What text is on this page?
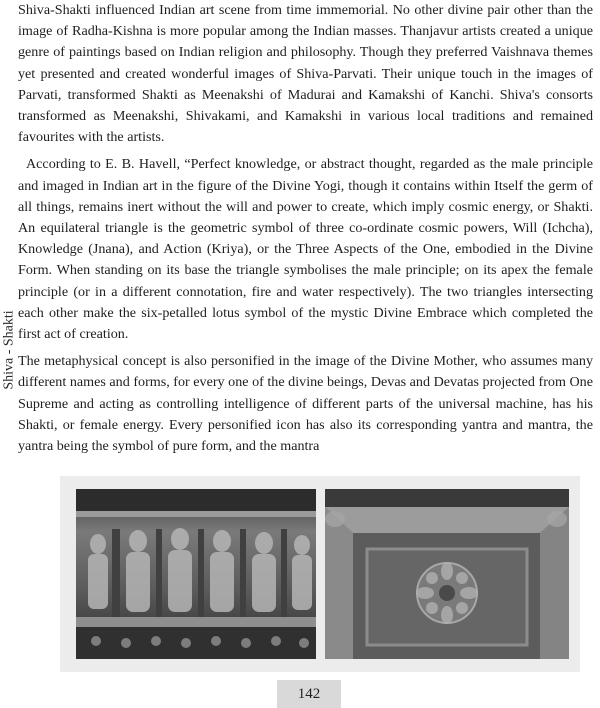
Shiva-Shakti influenced Indian art scene from time immemorial. No other divine pair other than the image of Radha-Kishna is more popular among the Indian masses. Thanjavur artists created a unique genre of paintings based on Indian religion and philosophy. Though they preferred Vaishnava themes yet presented and created wonderful images of Shiva-Parvati. Their unique touch in the images of Parvati, transformed Shakti as Meenakshi of Madurai and Kamakshi of Kanchi. Shiva's consorts transformed as Meenakshi, Shivakami, and Kamakshi in various local traditions and remained favourites with the artists.

According to E. B. Havell, “Perfect knowledge, or abstract thought, regarded as the male principle and imaged in Indian art in the figure of the Divine Yogi, though it contains within Itself the germ of all things, remains inert without the will and power to create, which imply cosmic energy, or Shakti. An equilateral triangle is the geometric symbol of three co-ordinate cosmic powers, Will (Ichcha), Knowledge (Jnana), and Action (Kriya), or the Three Aspects of the One, embodied in the Divine Form. When standing on its base the triangle symbolises the male principle; on its apex the female principle (or in a different connotation, fire and water respectively). The two triangles intersecting each other make the six-petalled lotus symbol of the mystic Divine Embrace which completed the first act of creation.

The metaphysical concept is also personified in the image of the Divine Mother, who assumes many different names and forms, for every one of the divine beings, Devas and Devatas projected from One Supreme and acting as controlling intelligence of different parts of the universal machine, has his Shakti, or female energy. Every personified icon has also its corresponding yantra and mantra, the yantra being the symbol of pure form, and the mantra

Shiva - Shakti
142
